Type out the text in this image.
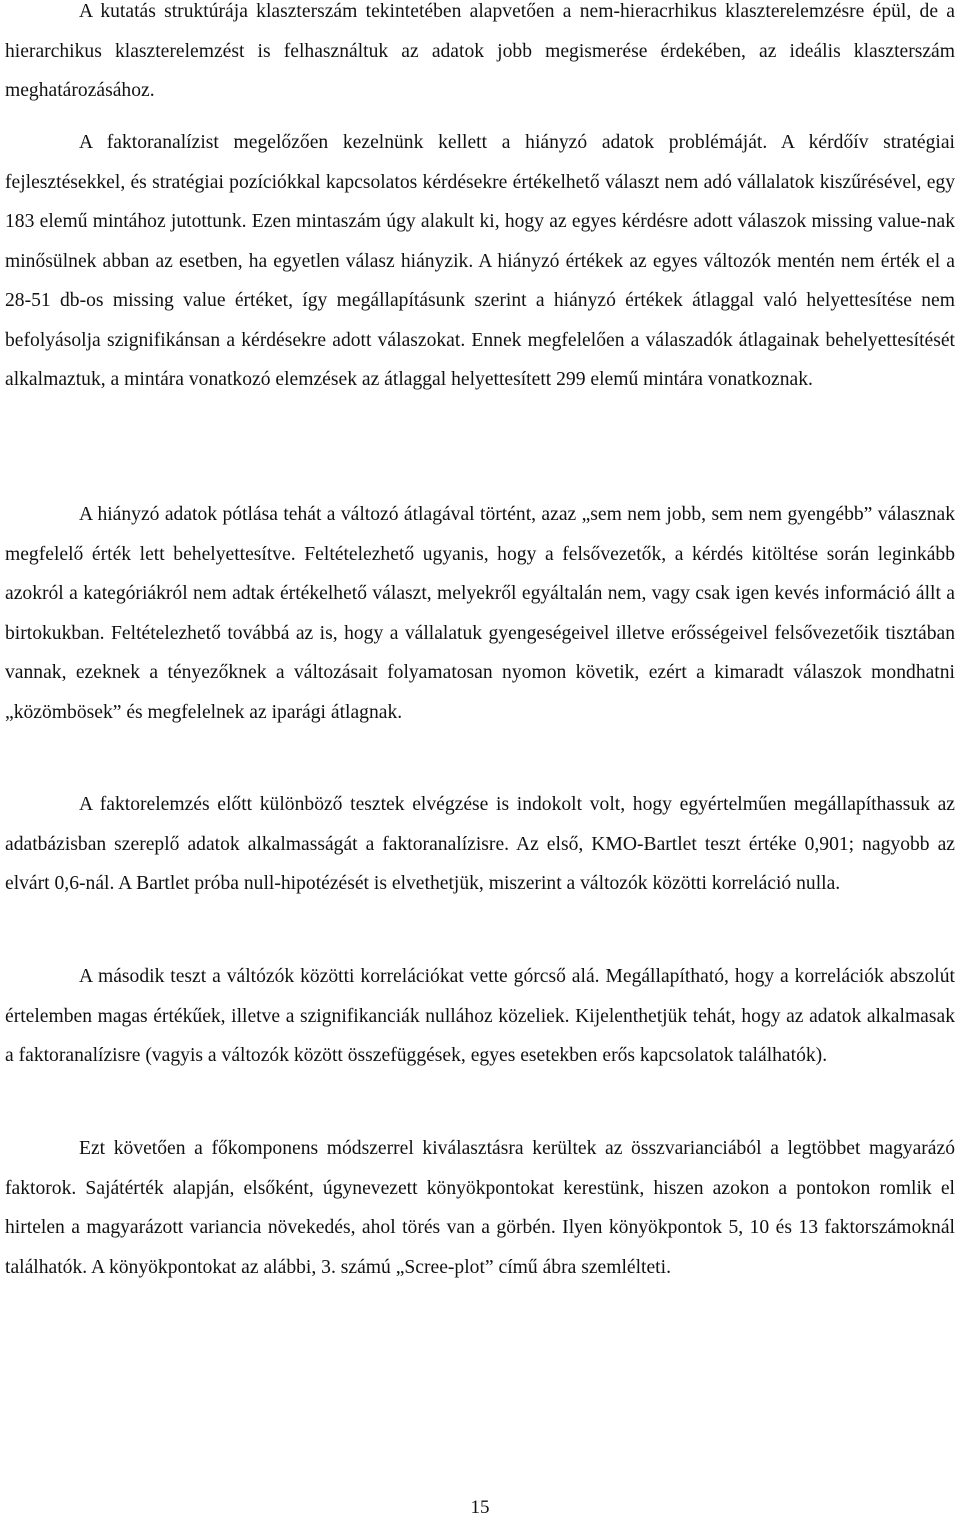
A kutatás struktúrája klaszterszám tekintetében alapvetően a nem-hieracrhikus klaszterelemzésre épül, de a hierarchikus klaszterelemzést is felhasználtuk az adatok jobb megismerése érdekében, az ideális klaszterszám meghatározásához.

A faktoranalízist megelőzően kezelnünk kellett a hiányzó adatok problémáját. A kérdőív stratégiai fejlesztésekkel, és stratégiai pozíciókkal kapcsolatos kérdésekre értékelhető választ nem adó vállalatok kiszűrésével, egy 183 elemű mintához jutottunk. Ezen mintaszám úgy alakult ki, hogy az egyes kérdésre adott válaszok missing value-nak minősülnek abban az esetben, ha egyetlen válasz hiányzik. A hiányzó értékek az egyes változók mentén nem érték el a 28-51 db-os missing value értéket, így megállapításunk szerint a hiányzó értékek átlaggal való helyettesítése nem befolyásolja szignifikánsan a kérdésekre adott válaszokat. Ennek megfelelően a válaszadók átlagainak behelyettesítését alkalmaztuk, a mintára vonatkozó elemzések az átlaggal helyettesített 299 elemű mintára vonatkoznak.

A hiányzó adatok pótlása tehát a változó átlagával történt, azaz „sem nem jobb, sem nem gyengébb” válasznak megfelelő érték lett behelyettesítve. Feltételezhető ugyanis, hogy a felsővezetők, a kérdés kitöltése során leginkább azokról a kategóriákról nem adtak értékelhető választ, melyekről egyáltalán nem, vagy csak igen kevés információ állt a birtokukban. Feltételezhető továbbá az is, hogy a vállalatuk gyengeségeivel illetve erősségeivel felsővezetőik tisztában vannak, ezeknek a tényezőknek a változásait folyamatosan nyomon követik, ezért a kimaradt válaszok mondhatni „közömbösek” és megfelelnek az iparági átlagnak.

A faktorelemzés előtt különböző tesztek elvégzése is indokolt volt, hogy egyértelműen megállapíthassuk az adatbázisban szereplő adatok alkalmasságát a faktoranalízisre. Az első, KMO-Bartlet teszt értéke 0,901; nagyobb az elvárt 0,6-nál. A Bartlet próba null-hipotézését is elvethetjük, miszerint a változók közötti korreláció nulla.

A második teszt a váltózók közötti korrelációkat vette górcső alá. Megállapítható, hogy a korrelációk abszolút értelemben magas értékűek, illetve a szignifikanciák nullához közeliek. Kijelenthetjük tehát, hogy az adatok alkalmasak a faktoranalízisre (vagyis a változók között összefüggések, egyes esetekben erős kapcsolatok találhatók).

Ezt követően a főkomponens módszerrel kiválasztásra kerültek az összvarianciából a legtöbbet magyarázó faktorok. Sajátérték alapján, elsőként, úgynevezett könyökpontokat kerestünk, hiszen azokon a pontokon romlik el hirtelen a magyarázott variancia növekedés, ahol törés van a görbén. Ilyen könyökpontok 5, 10 és 13 faktorszámoknál találhatók. A könyökpontokat az alábbi, 3. számú „Scree-plot” című ábra szemlélteti.

15
